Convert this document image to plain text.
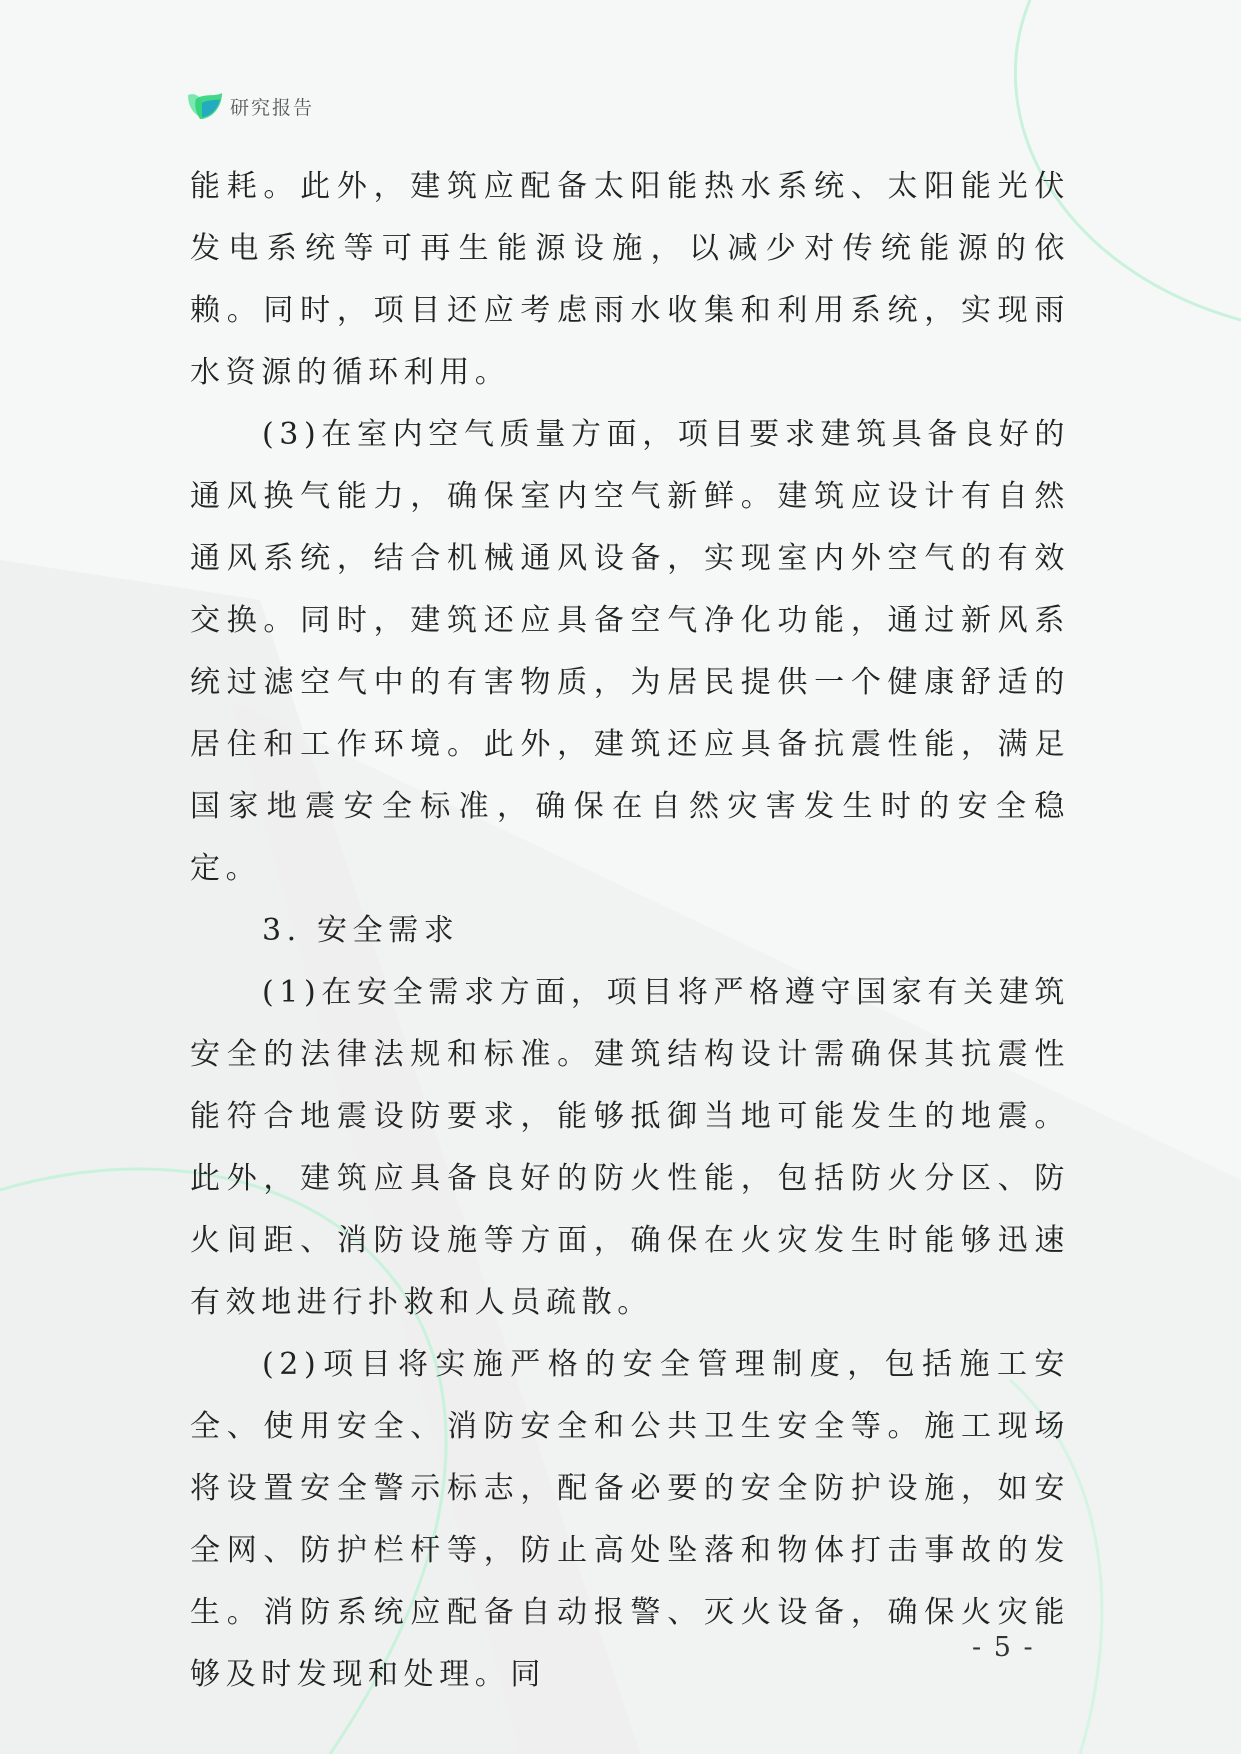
研究报告

能耗。此外，建筑应配备太阳能热水系统、太阳能光伏发电系统等可再生能源设施，以减少对传统能源的依赖。同时，项目还应考虑雨水收集和利用系统，实现雨水资源的循环利用。

(3)在室内空气质量方面，项目要求建筑具备良好的通风换气能力，确保室内空气新鲜。建筑应设计有自然通风系统，结合机械通风设备，实现室内外空气的有效交换。同时，建筑还应具备空气净化功能，通过新风系统过滤空气中的有害物质，为居民提供一个健康舒适的居住和工作环境。此外，建筑还应具备抗震性能，满足国家地震安全标准，确保在自然灾害发生时的安全稳定。

3. 安全需求

(1)在安全需求方面，项目将严格遵守国家有关建筑安全的法律法规和标准。建筑结构设计需确保其抗震性能符合地震设防要求，能够抵御当地可能发生的地震。此外，建筑应具备良好的防火性能，包括防火分区、防火间距、消防设施等方面，确保在火灾发生时能够迅速有效地进行扑救和人员疏散。

(2)项目将实施严格的安全管理制度，包括施工安全、使用安全、消防安全和公共卫生安全等。施工现场将设置安全警示标志，配备必要的安全防护设施，如安全网、防护栏杆等，防止高处坠落和物体打击事故的发生。消防系统应配备自动报警、灭火设备，确保火灾能够及时发现和处理。同

- 5 -
